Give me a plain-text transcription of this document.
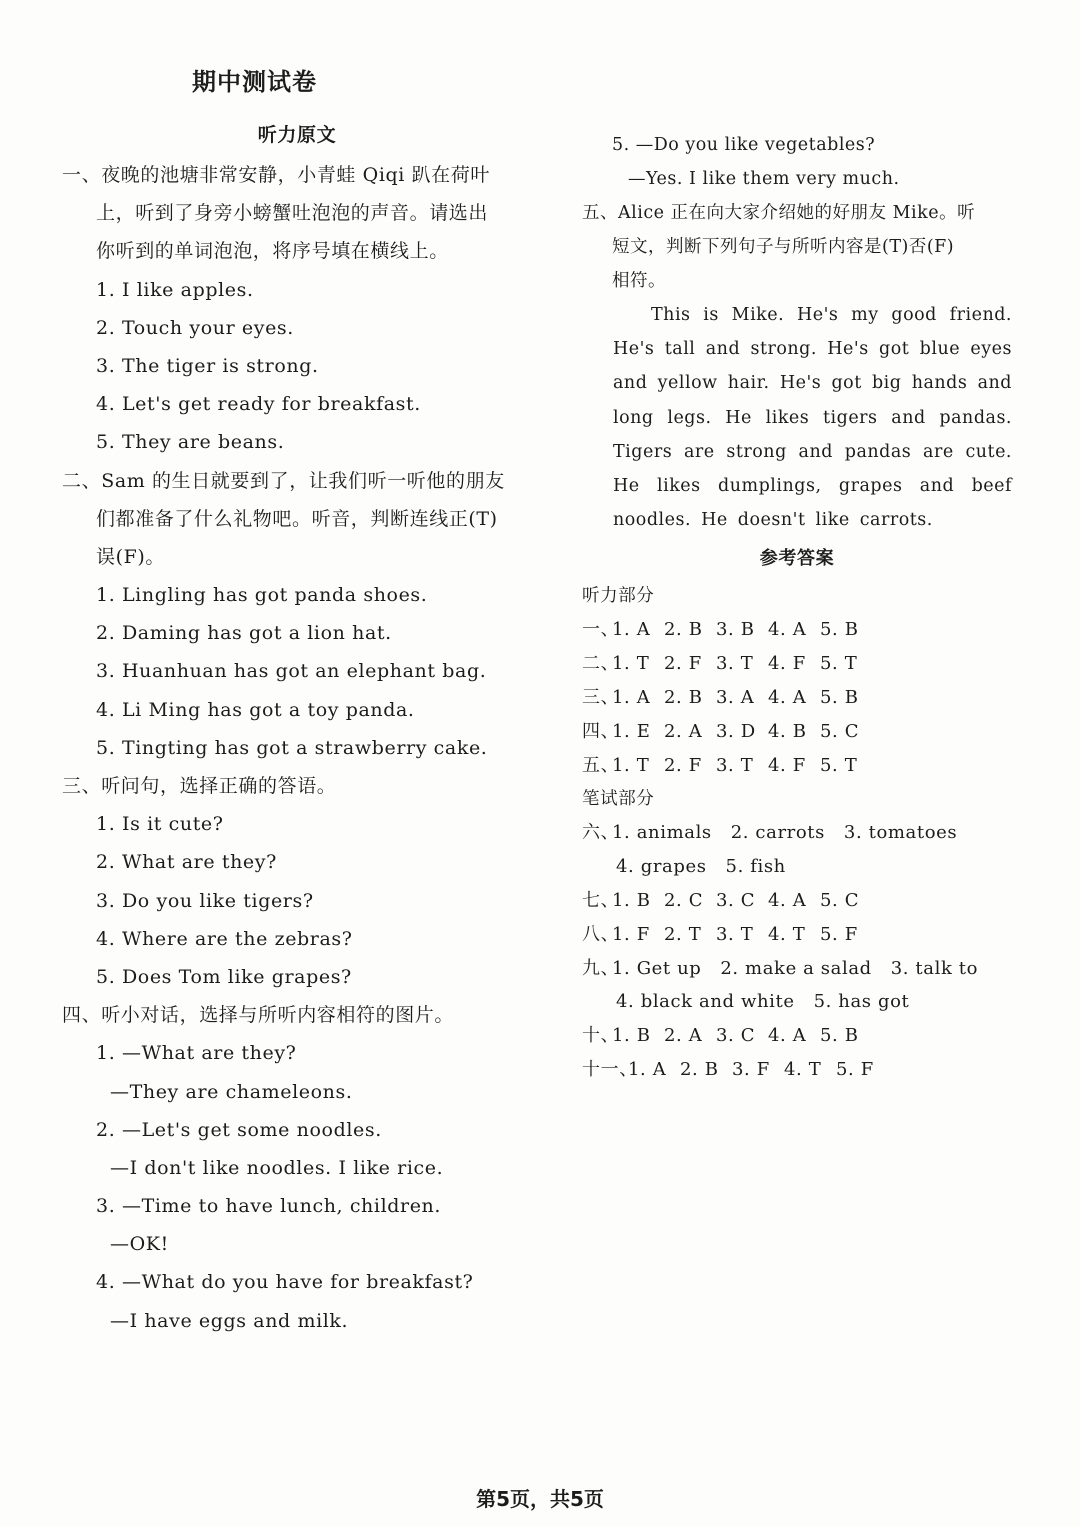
期中测试卷
听力原文
一、夜晚的池塘非常安静，小青蛙 Qiqi 趴在荷叶
上，听到了身旁小螃蟹吐泡泡的声音。请选出
你听到的单词泡泡，将序号填在横线上。
1. I like apples.
2. Touch your eyes.
3. The tiger is strong.
4. Let's get ready for breakfast.
5. They are beans.
二、Sam 的生日就要到了，让我们听一听他的朋友
们都准备了什么礼物吧。听音，判断连线正(T)
误(F)。
1. Lingling has got panda shoes.
2. Daming has got a lion hat.
3. Huanhuan has got an elephant bag.
4. Li Ming has got a toy panda.
5. Tingting has got a strawberry cake.
三、听问句，选择正确的答语。
1. Is it cute?
2. What are they?
3. Do you like tigers?
4. Where are the zebras?
5. Does Tom like grapes?
四、听小对话，选择与所听内容相符的图片。
1. —What are they?
—They are chameleons.
2. —Let's get some noodles.
—I don't like noodles. I like rice.
3. —Time to have lunch, children.
—OK!
4. —What do you have for breakfast?
—I have eggs and milk.
5. —Do you like vegetables?
—Yes. I like them very much.
五、Alice 正在向大家介绍她的好朋友 Mike。听
短文，判断下列句子与所听内容是(T)否(F)
相符。
This is Mike. He's my good friend. He's tall and strong. He's got blue eyes and yellow hair. He's got big hands and long legs. He likes tigers and pandas. Tigers are strong and pandas are cute. He likes dumplings, grapes and beef noodles. He doesn't like carrots.
参考答案
听力部分
一、1. A 2. B 3. B 4. A 5. B
二、1. T 2. F 3. T 4. F 5. T
三、1. A 2. B 3. A 4. A 5. B
四、1. E 2. A 3. D 4. B 5. C
五、1. T 2. F 3. T 4. F 5. T
笔试部分
六、1. animals   2. carrots   3. tomatoes
4. grapes   5. fish
七、1. B 2. C 3. C 4. A 5. C
八、1. F 2. T 3. T 4. T 5. F
九、1. Get up   2. make a salad   3. talk to
4. black and white   5. has got
十、1. B 2. A 3. C 4. A 5. B
十一、1. A 2. B 3. F 4. T 5. F
第5页，共5页
